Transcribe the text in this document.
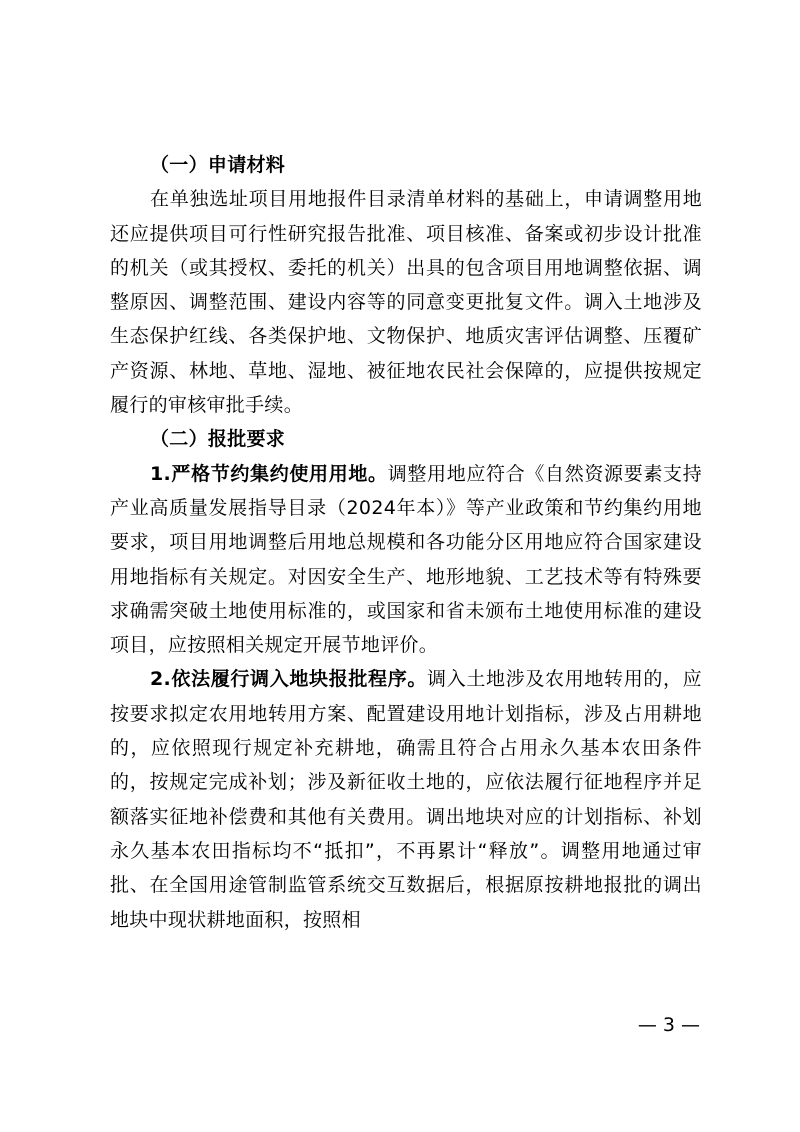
（一）申请材料

在单独选址项目用地报件目录清单材料的基础上，申请调整用地还应提供项目可行性研究报告批准、项目核准、备案或初步设计批准的机关（或其授权、委托的机关）出具的包含项目用地调整依据、调整原因、调整范围、建设内容等的同意变更批复文件。调入土地涉及生态保护红线、各类保护地、文物保护、地质灾害评估调整、压覆矿产资源、林地、草地、湿地、被征地农民社会保障的，应提供按规定履行的审核审批手续。

（二）报批要求

1.严格节约集约使用用地。调整用地应符合《自然资源要素支持产业高质量发展指导目录（2024年本）》等产业政策和节约集约用地要求，项目用地调整后用地总规模和各功能分区用地应符合国家建设用地指标有关规定。对因安全生产、地形地貌、工艺技术等有特殊要求确需突破土地使用标准的，或国家和省未颁布土地使用标准的建设项目，应按照相关规定开展节地评价。

2.依法履行调入地块报批程序。调入土地涉及农用地转用的，应按要求拟定农用地转用方案、配置建设用地计划指标，涉及占用耕地的，应依照现行规定补充耕地，确需且符合占用永久基本农田条件的，按规定完成补划；涉及新征收土地的，应依法履行征地程序并足额落实征地补偿费和其他有关费用。调出地块对应的计划指标、补划永久基本农田指标均不“抵扣”，不再累计“释放”。调整用地通过审批、在全国用途管制监管系统交互数据后，根据原按耕地报批的调出地块中现状耕地面积，按照相

— 3 —
